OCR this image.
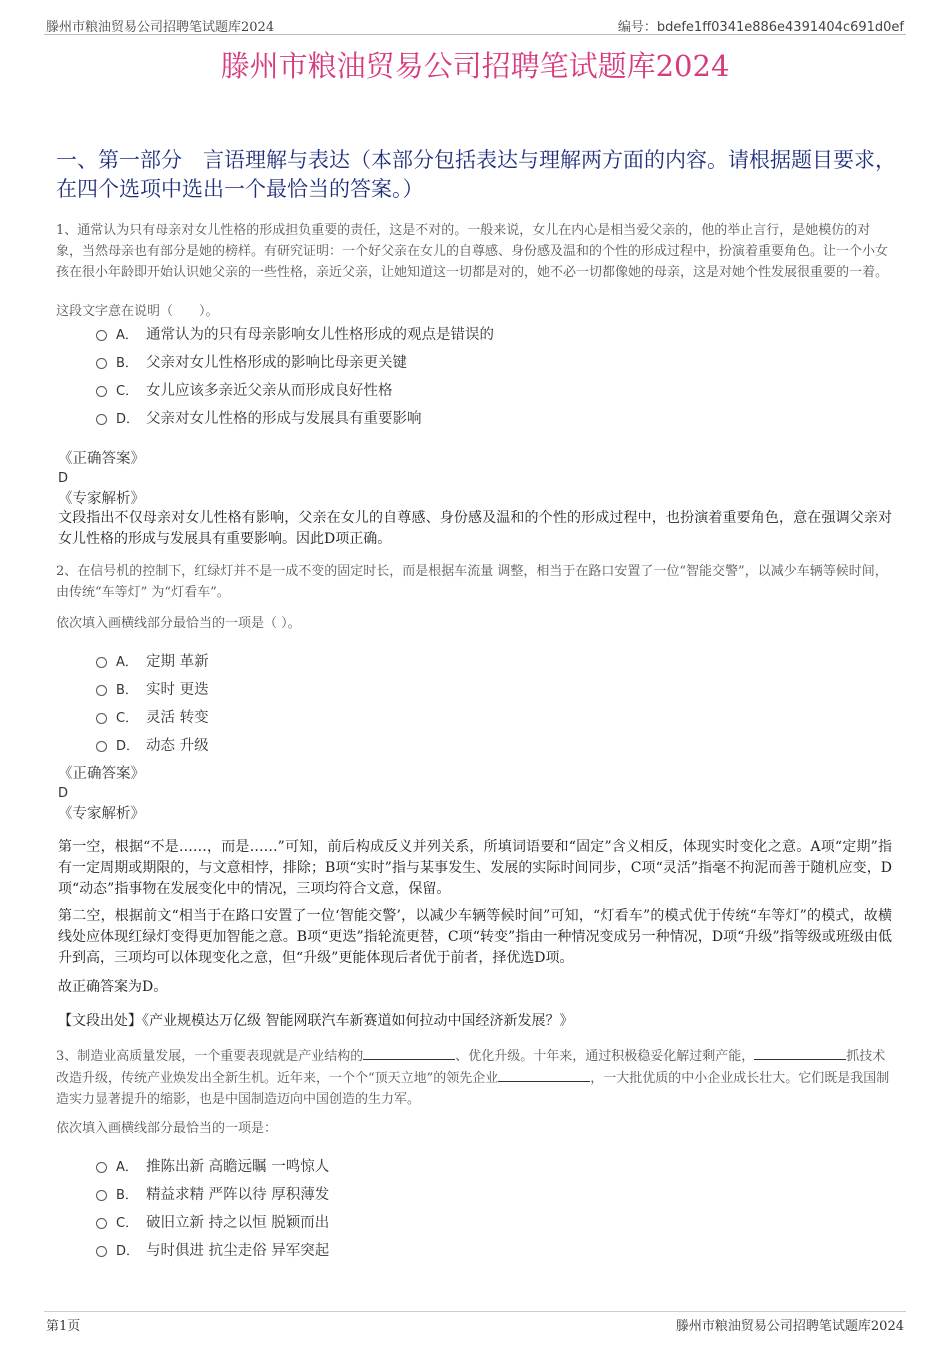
滕州市粮油贸易公司招聘笔试题库2024	编号：bdefe1ff0341e886e4391404c691d0ef
滕州市粮油贸易公司招聘笔试题库2024
一、第一部分　言语理解与表达（本部分包括表达与理解两方面的内容。请根据题目要求，在四个选项中选出一个最恰当的答案。）
1、通常认为只有母亲对女儿性格的形成担负重要的责任，这是不对的。一般来说，女儿在内心是相当爱父亲的，他的举止言行，是她模仿的对象，当然母亲也有部分是她的榜样。有研究证明：一个好父亲在女儿的自尊感、身份感及温和的个性的形成过程中，扮演着重要角色。让一个小女孩在很小年龄即开始认识她父亲的一些性格，亲近父亲，让她知道这一切都是对的，她不必一切都像她的母亲，这是对她个性发展很重要的一着。
这段文字意在说明（　　）。
A． 通常认为的只有母亲影响女儿性格形成的观点是错误的
B． 父亲对女儿性格形成的影响比母亲更关键
C． 女儿应该多亲近父亲从而形成良好性格
D． 父亲对女儿性格的形成与发展具有重要影响
《正确答案》
D
《专家解析》
文段指出不仅母亲对女儿性格有影响，父亲在女儿的自尊感、身份感及温和的个性的形成过程中，也扮演着重要角色，意在强调父亲对女儿性格的形成与发展具有重要影响。因此D项正确。
2、在信号机的控制下，红绿灯并不是一成不变的固定时长，而是根据车流量 调整，相当于在路口安置了一位“智能交警”，以减少车辆等候时间，由传统“车等灯” 为“灯看车”。
依次填入画横线部分最恰当的一项是（ ）。
A． 定期 革新
B． 实时 更迭
C． 灵活 转变
D． 动态 升级
《正确答案》
D
《专家解析》
第一空，根据“不是……，而是……”可知，前后构成反义并列关系，所填词语要和“固定”含义相反，体现实时变化之意。A项“定期”指有一定周期或期限的，与文意相悖，排除；B项“实时”指与某事发生、发展的实际时间同步，C项“灵活”指毫不拘泥而善于随机应变，D项“动态”指事物在发展变化中的情况，三项均符合文意，保留。
第二空，根据前文“相当于在路口安置了一位‘智能交警’，以减少车辆等候时间”可知，“灯看车”的模式优于传统“车等灯”的模式，故横线处应体现红绿灯变得更加智能之意。B项“更迭”指轮流更替，C项“转变”指由一种情况变成另一种情况，D项“升级”指等级或班级由低升到高，三项均可以体现变化之意，但“升级”更能体现后者优于前者，择优选D项。
故正确答案为D。
【文段出处】《产业规模达万亿级 智能网联汽车新赛道如何拉动中国经济新发展？》
3、制造业高质量发展，一个重要表现就是产业结构的	、优化升级。十年来，通过积极稳妥化解过剩产能，	抓技术改造升级，传统产业焕发出全新生机。近年来，一个个“顶天立地”的领先企业	，一大批优质的中小企业成长壮大。它们既是我国制造实力显著提升的缩影，也是中国制造迈向中国创造的生力军。
依次填入画横线部分最恰当的一项是：
A． 推陈出新 高瞻远瞩 一鸣惊人
B． 精益求精 严阵以待 厚积薄发
C． 破旧立新 持之以恒 脱颖而出
D． 与时俱进 抗尘走俗 异军突起
第1页	滕州市粮油贸易公司招聘笔试题库2024
